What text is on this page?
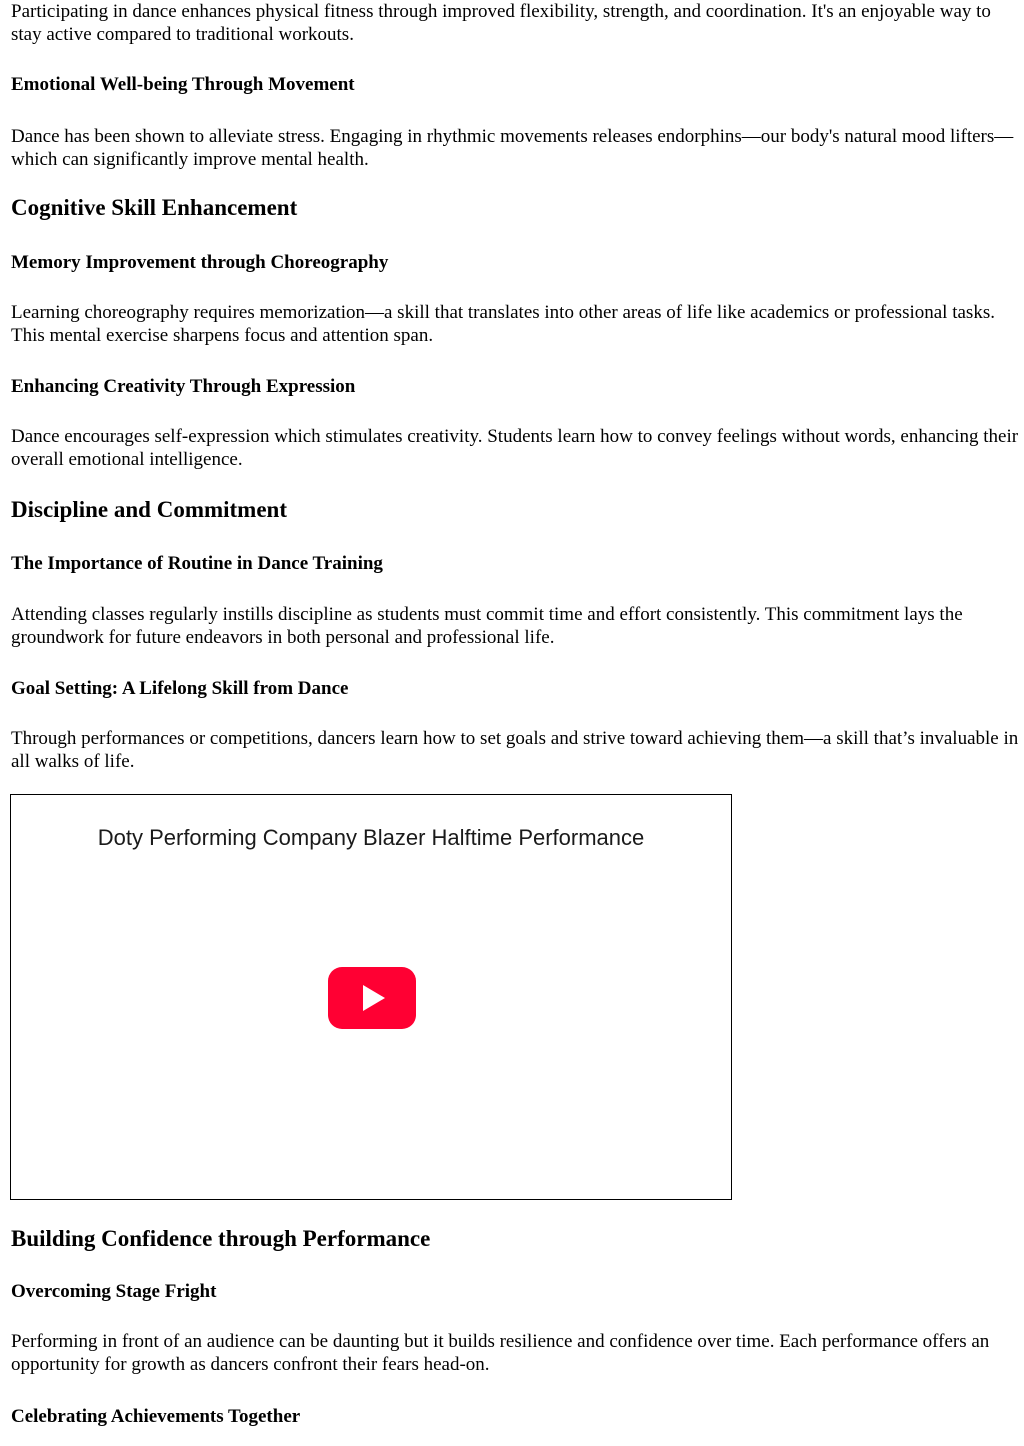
Participating in dance enhances physical fitness through improved flexibility, strength, and coordination. It's an enjoyable way to stay active compared to traditional workouts.

Emotional Well-being Through Movement

Dance has been shown to alleviate stress. Engaging in rhythmic movements releases endorphins—our body's natural mood lifters—which can significantly improve mental health.

Cognitive Skill Enhancement
Memory Improvement through Choreography

Learning choreography requires memorization—a skill that translates into other areas of life like academics or professional tasks. This mental exercise sharpens focus and attention span.

Enhancing Creativity Through Expression

Dance encourages self-expression which stimulates creativity. Students learn how to convey feelings without words, enhancing their overall emotional intelligence.

Discipline and Commitment
The Importance of Routine in Dance Training

Attending classes regularly instills discipline as students must commit time and effort consistently. This commitment lays the groundwork for future endeavors in both personal and professional life.

Goal Setting: A Lifelong Skill from Dance

Through performances or competitions, dancers learn how to set goals and strive toward achieving them—a skill that’s invaluable in all walks of life.

Doty Performing Company Blazer Halftime Performance
Building Confidence through Performance
Overcoming Stage Fright

Performing in front of an audience can be daunting but it builds resilience and confidence over time. Each performance offers an opportunity for growth as dancers confront their fears head-on.

Celebrating Achievements Together
